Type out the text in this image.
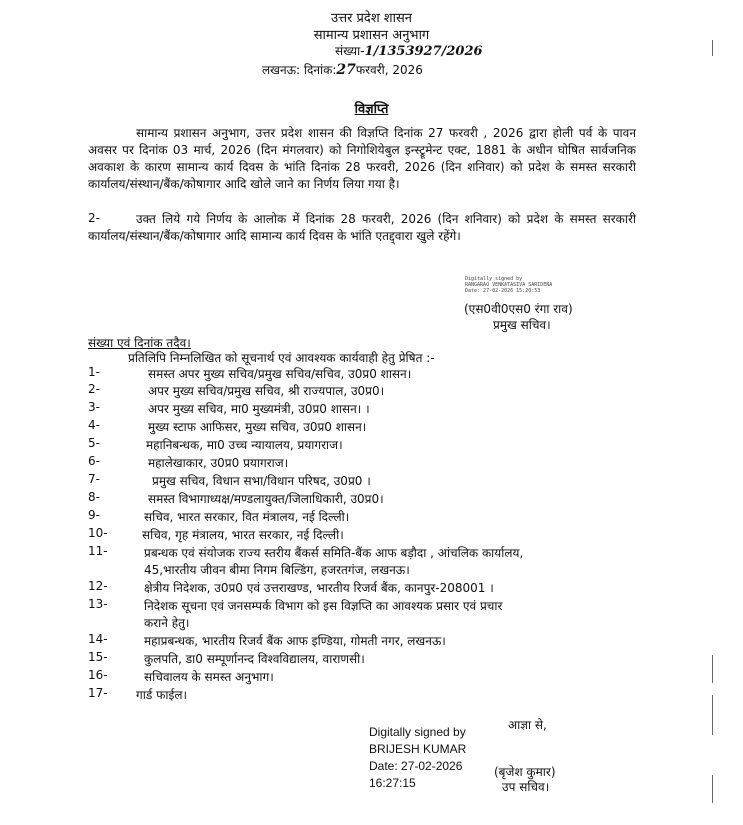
उत्तर प्रदेश शासन
सामान्य प्रशासन अनुभाग
संख्या-1/1353927/2026
लखनऊ: दिनांक:27फरवरी, 2026
विज्ञप्ति
सामान्य प्रशासन अनुभाग, उत्तर प्रदेश शासन की विज्ञप्ति दिनांक 27 फरवरी , 2026 द्वारा होली पर्व के पावन अवसर पर दिनांक 03 मार्च, 2026 (दिन मंगलवार) को निगोशियेबुल इन्स्ट्रूमेन्ट एक्ट, 1881 के अधीन घोषित सार्वजनिक अवकाश के कारण सामान्य कार्य दिवस के भांति दिनांक 28 फरवरी, 2026 (दिन शनिवार) को प्रदेश के समस्त सरकारी कार्यालय/संस्थान/बैंक/कोषागार आदि खोले जाने का निर्णय लिया गया है।
2-	उक्त लिये गये निर्णय के आलोक में दिनांक 28 फरवरी, 2026 (दिन शनिवार) को प्रदेश के समस्त सरकारी कार्यालय/संस्थान/बैंक/कोषागार आदि सामान्य कार्य दिवस के भांति एतद्द्वारा खुले रहेंगे।
Digitally signed by
RANGARAO VENKATASIVA SARIDENA
Date: 27-02-2026 15:20:53
(एस0वी0एस0 रंगा राव)
प्रमुख सचिव।
संख्या एवं दिनांक तदैव।
प्रतिलिपि निम्नलिखित को सूचनार्थ एवं आवश्यक कार्यवाही हेतु प्रेषित :-
1-	समस्त अपर मुख्य सचिव/प्रमुख सचिव/सचिव, उ0प्र0 शासन।
2-	अपर मुख्य सचिव/प्रमुख सचिव, श्री राज्यपाल, उ0प्र0।
3-	अपर मुख्य सचिव, मा0 मुख्यमंत्री, उ0प्र0 शासन। ।
4-	मुख्य स्टाफ आफिसर, मुख्य सचिव, उ0प्र0 शासन।
5-	महानिबन्धक, मा0 उच्च न्यायालय, प्रयागराज।
6-	महालेखाकार, उ0प्र0 प्रयागराज।
7-	प्रमुख सचिव, विधान सभा/विधान परिषद, उ0प्र0 ।
8-	समस्त विभागाध्यक्ष/मण्डलायुक्त/जिलाधिकारी, उ0प्र0।
9-	सचिव, भारत सरकार, वित मंत्रालय, नई दिल्ली।
10-	सचिव, गृह मंत्रालय, भारत सरकार, नई दिल्ली।
11-	प्रबन्धक एवं संयोजक राज्य स्तरीय बैंकर्स समिति-बैंक आफ बड़ौदा , आंचलिक कार्यालय,
45,भारतीय जीवन बीमा निगम बिल्डिंग, हजरतगंज, लखनऊ।
12-	क्षेत्रीय निदेशक, उ0प्र0 एवं उत्तराखण्ड, भारतीय रिजर्व बैंक, कानपुर-208001 ।
13-	निदेशक सूचना एवं जनसम्पर्क विभाग को इस विज्ञप्ति का आवश्यक प्रसार एवं प्रचार
कराने हेतु।
14-	महाप्रबन्धक, भारतीय रिजर्व बैंक आफ इण्डिया, गोमती नगर, लखनऊ।
15-	कुलपति, डा0 सम्पूर्णानन्द विश्वविद्यालय, वाराणसी।
16-	सचिवालय के समस्त अनुभाग।
17- गार्ड फाईल।
आज्ञा से,
Digitally signed by
BRIJESH KUMAR
Date: 27-02-2026
16:27:15
(बृजेश कुमार)
उप सचिव।
